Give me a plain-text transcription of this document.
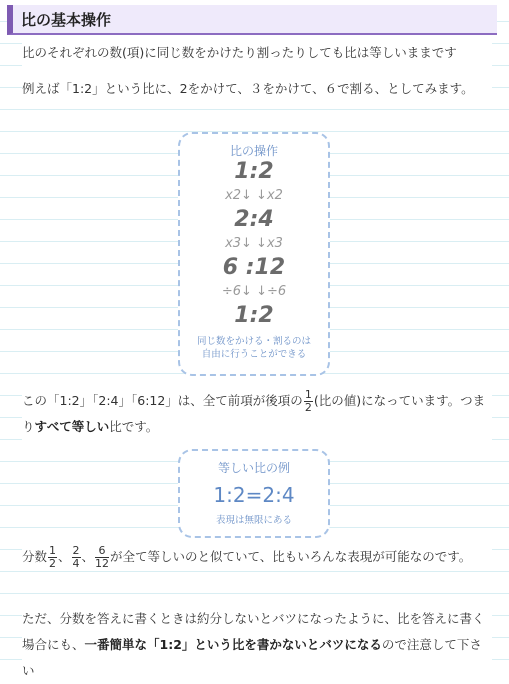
比の基本操作
比のそれぞれの数(項)に同じ数をかけたり割ったりしても比は等しいままです
例えば「1:2」という比に、2をかけて、３をかけて、６で割る、としてみます。
比の操作
1:2
x2↓ ↓x2
2:4
x3↓ ↓x3
6 :12
÷6↓ ↓÷6
1:2
同じ数をかける・割るのは
自由に行うことができる
この「1:2」「2:4」「6:12」は、全て前項が後項の $\frac{1}{2}$ (比の値)になっています。つまりすべて等しい比です。
等しい比の例
1:2=2:4
表現は無限にある
分数 $\frac{1}{2}$ 、 $\frac{2}{4}$ 、 $\frac{6}{12}$ が全て等しいのと似ていて、比もいろんな表現が可能なのです。
ただ、分数を答えに書くときは約分しないとバツになったように、比を答えに書く場合にも、一番簡単な「1:2」という比を書かないとバツになるので注意して下さい
